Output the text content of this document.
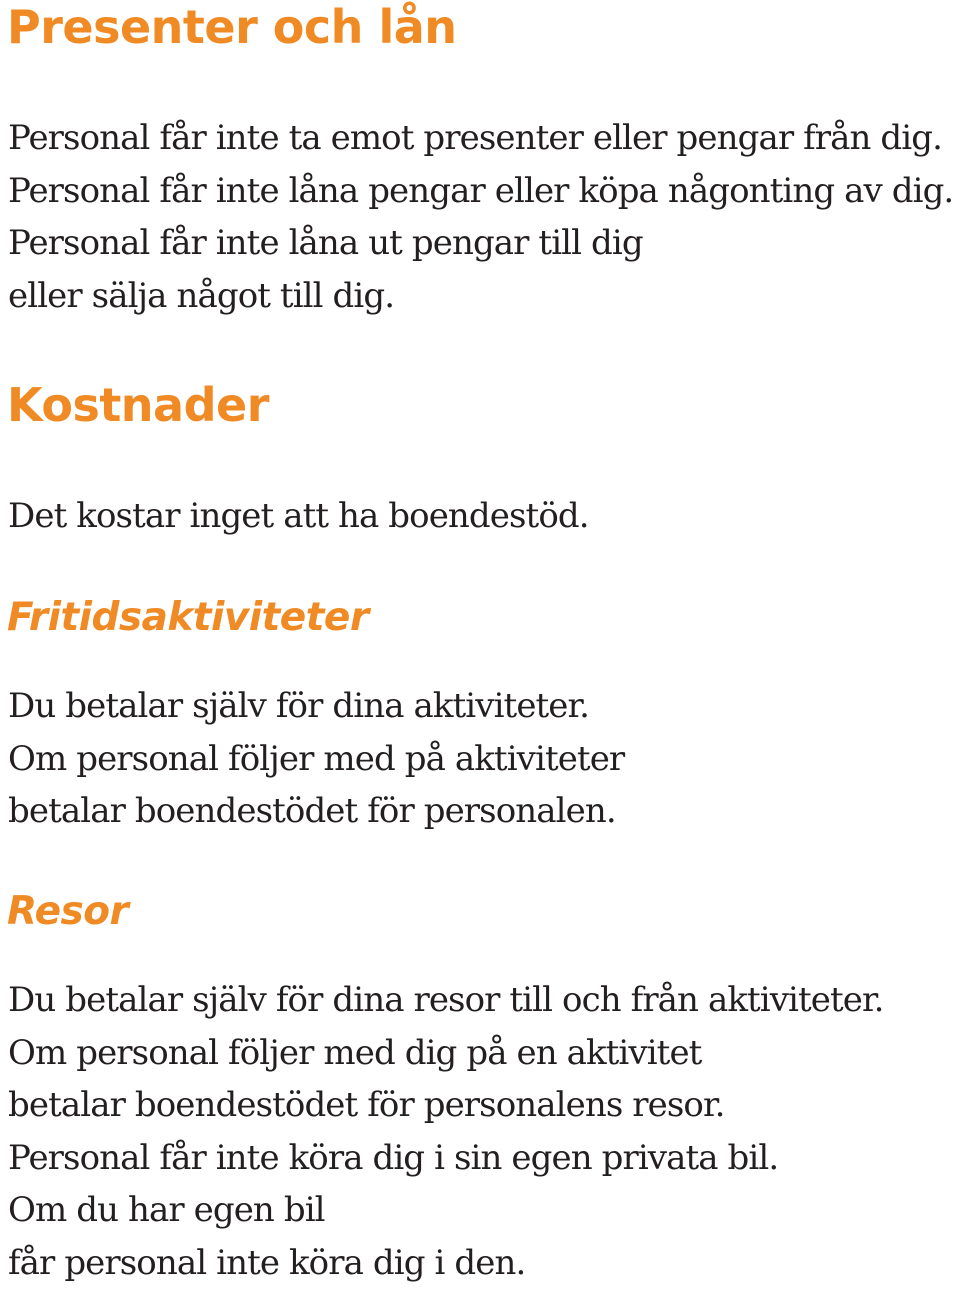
Presenter och lån

Personal får inte ta emot presenter eller pengar från dig.
Personal får inte låna pengar eller köpa någonting av dig.
Personal får inte låna ut pengar till dig
eller sälja något till dig.

Kostnader

Det kostar inget att ha boendestöd.

Fritidsaktiviteter

Du betalar själv för dina aktiviteter.
Om personal följer med på aktiviteter
betalar boendestödet för personalen.

Resor

Du betalar själv för dina resor till och från aktiviteter.
Om personal följer med dig på en aktivitet
betalar boendestödet för personalens resor.
Personal får inte köra dig i sin egen privata bil.
Om du har egen bil
får personal inte köra dig i den.
